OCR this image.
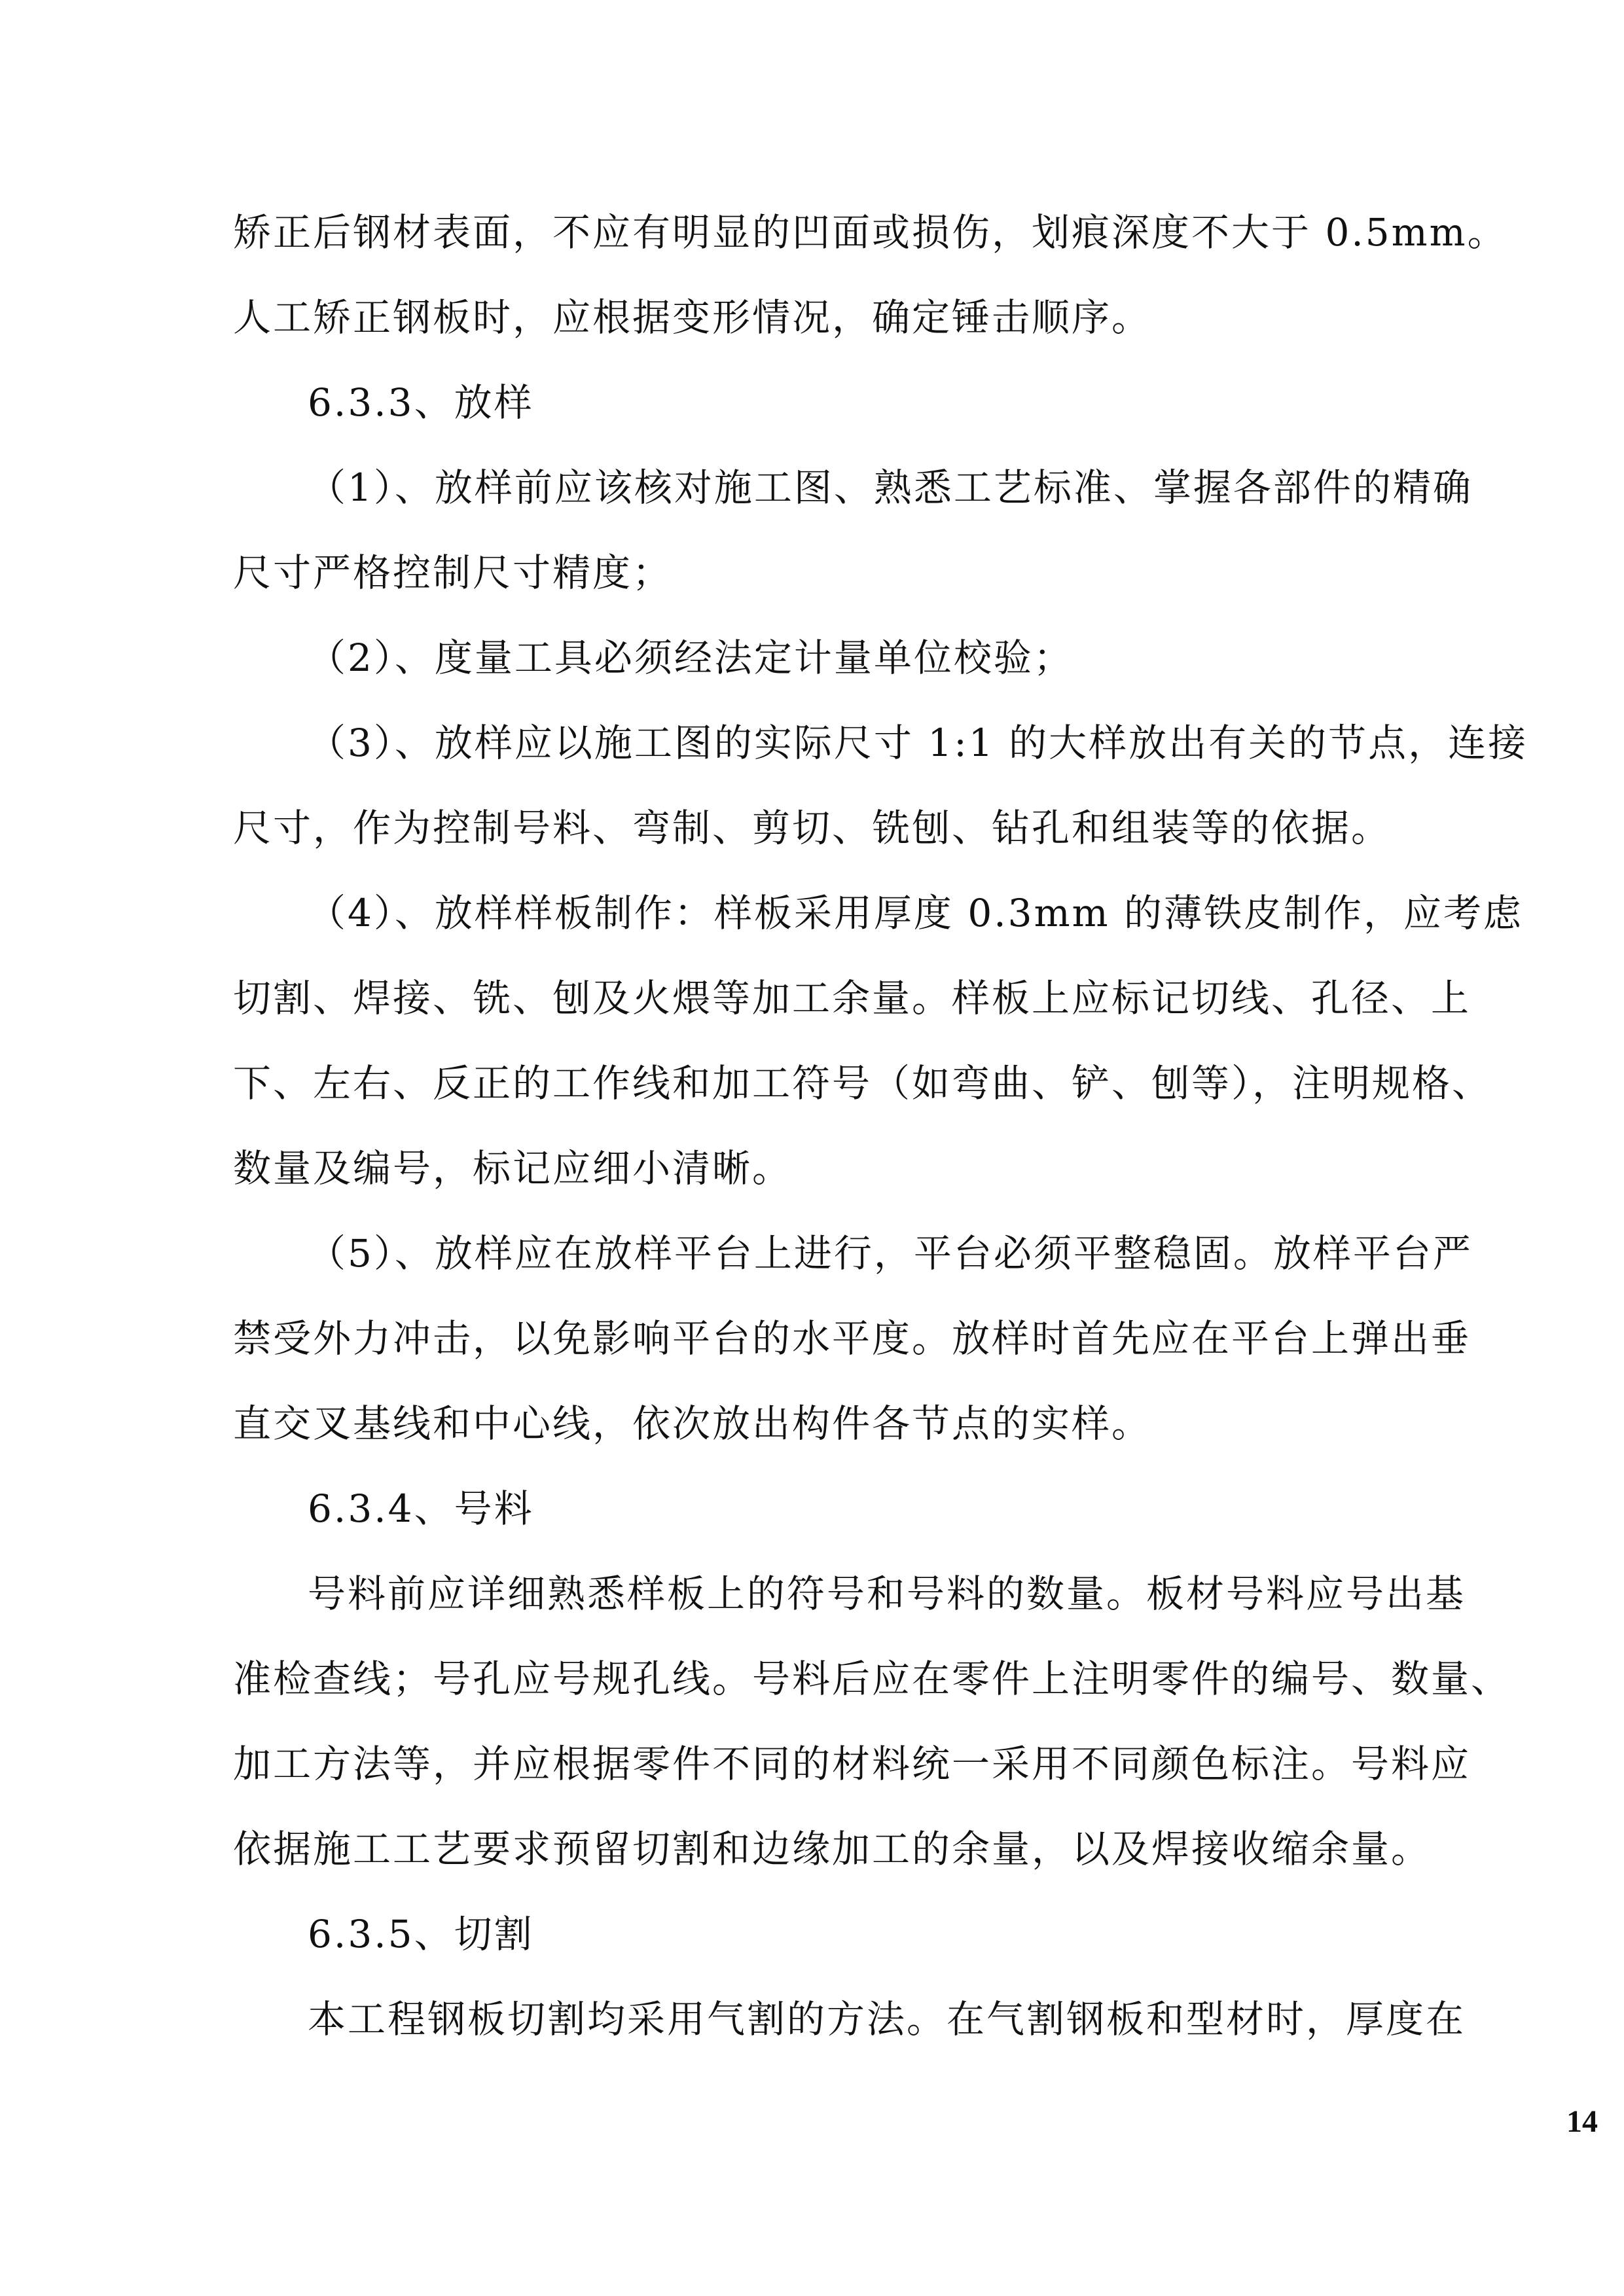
矫正后钢材表面，不应有明显的凹面或损伤，划痕深度不大于 0.5mm。
人工矫正钢板时，应根据变形情况，确定锤击顺序。
6.3.3、放样
（1）、放样前应该核对施工图、熟悉工艺标准、掌握各部件的精确
尺寸严格控制尺寸精度；
（2）、度量工具必须经法定计量单位校验；
（3）、放样应以施工图的实际尺寸 1:1 的大样放出有关的节点，连接
尺寸，作为控制号料、弯制、剪切、铣刨、钻孔和组装等的依据。
（4）、放样样板制作：样板采用厚度 0.3mm 的薄铁皮制作，应考虑
切割、焊接、铣、刨及火煨等加工余量。样板上应标记切线、孔径、上
下、左右、反正的工作线和加工符号（如弯曲、铲、刨等），注明规格、
数量及编号，标记应细小清晰。
（5）、放样应在放样平台上进行，平台必须平整稳固。放样平台严
禁受外力冲击，以免影响平台的水平度。放样时首先应在平台上弹出垂
直交叉基线和中心线，依次放出构件各节点的实样。
6.3.4、号料
号料前应详细熟悉样板上的符号和号料的数量。板材号料应号出基
准检查线；号孔应号规孔线。号料后应在零件上注明零件的编号、数量、
加工方法等，并应根据零件不同的材料统一采用不同颜色标注。号料应
依据施工工艺要求预留切割和边缘加工的余量，以及焊接收缩余量。
6.3.5、切割
本工程钢板切割均采用气割的方法。在气割钢板和型材时，厚度在
14
